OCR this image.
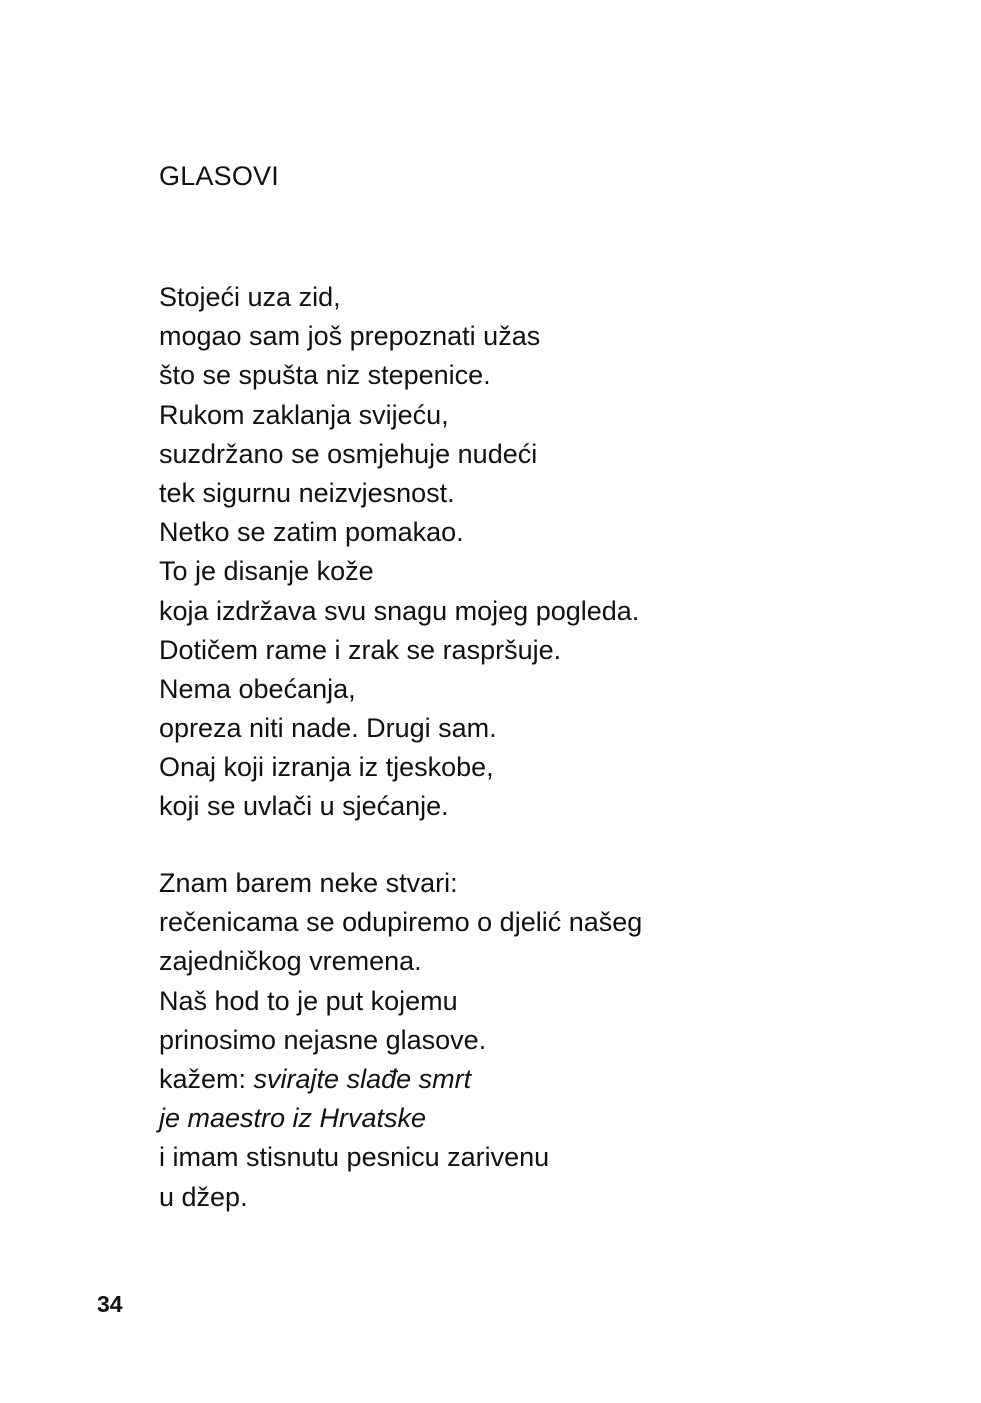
GLASOVI
Stojeći uza zid,
mogao sam još prepoznati užas
što se spušta niz stepenice.
Rukom zaklanja svijeću,
suzdržano se osmjehuje nudeći
tek sigurnu neizvjesnost.
Netko se zatim pomakao.
To je disanje kože
koja izdržava svu snagu mojeg pogleda.
Dotičem rame i zrak se raspršuje.
Nema obećanja,
opreza niti nade. Drugi sam.
Onaj koji izranja iz tjeskobe,
koji se uvlači u sjećanje.
Znam barem neke stvari:
rečenicama se odupiremo o djelić našeg
zajedničkog vremena.
Naš hod to je put kojemu
prinosimo nejasne glasove.
kažem: svirajte slađe smrt
je maestro iz Hrvatske
i imam stisnutu pesnicu zarivenu
u džep.
34
